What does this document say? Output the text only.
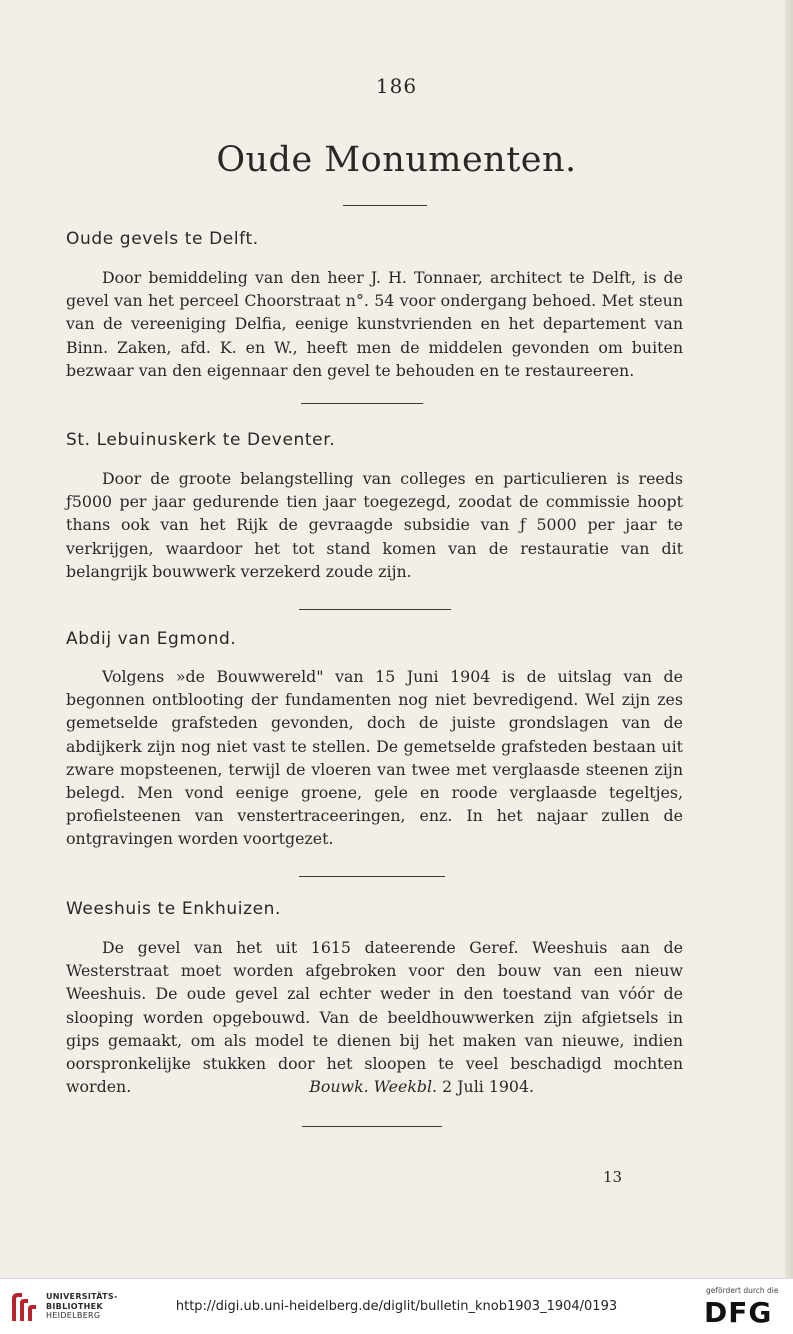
186
Oude Monumenten.
Oude gevels te Delft.

Door bemiddeling van den heer J. H. Tonnaer, architect te Delft, is de gevel van het perceel Choorstraat n°. 54 voor ondergang behoed. Met steun van de vereeniging Delfia, eenige kunstvrienden en het departement van Binn. Zaken, afd. K. en W., heeft men de middelen gevonden om buiten bezwaar van den eigennaar den gevel te behouden en te restaureeren.

St. Lebuinuskerk te Deventer.

Door de groote belangstelling van colleges en particulieren is reeds ƒ5000 per jaar gedurende tien jaar toegezegd, zoodat de commissie hoopt thans ook van het Rijk de gevraagde subsidie van ƒ 5000 per jaar te verkrijgen, waardoor het tot stand komen van de restauratie van dit belangrijk bouwwerk verzekerd zoude zijn.

Abdij van Egmond.

Volgens »de Bouwwereld" van 15 Juni 1904 is de uitslag van de begonnen ontblooting der fundamenten nog niet bevredigend. Wel zijn zes gemetselde grafsteden gevonden, doch de juiste grondslagen van de abdijkerk zijn nog niet vast te stellen. De gemetselde grafsteden bestaan uit zware mopsteenen, terwijl de vloeren van twee met verglaasde steenen zijn belegd. Men vond eenige groene, gele en roode verglaasde tegeltjes, profielsteenen van venstertraceeringen, enz. In het najaar zullen de ontgravingen worden voortgezet.

Weeshuis te Enkhuizen.

De gevel van het uit 1615 dateerende Geref. Weeshuis aan de Westerstraat moet worden afgebroken voor den bouw van een nieuw Weeshuis. De oude gevel zal echter weder in den toestand van vóór de slooping worden opgebouwd. Van de beeldhouwwerken zijn afgietsels in gips gemaakt, om als model te dienen bij het maken van nieuwe, indien oorspronkelijke stukken door het sloopen te veel beschadigd mochten worden.	Bouwk. Weekbl. 2 Juli 1904.

13
UNIVERSITÄTS-
BIBLIOTHEK
HEIDELBERG
http://digi.ub.uni-heidelberg.de/diglit/bulletin_knob1903_1904/0193
gefördert durch die
DFG
